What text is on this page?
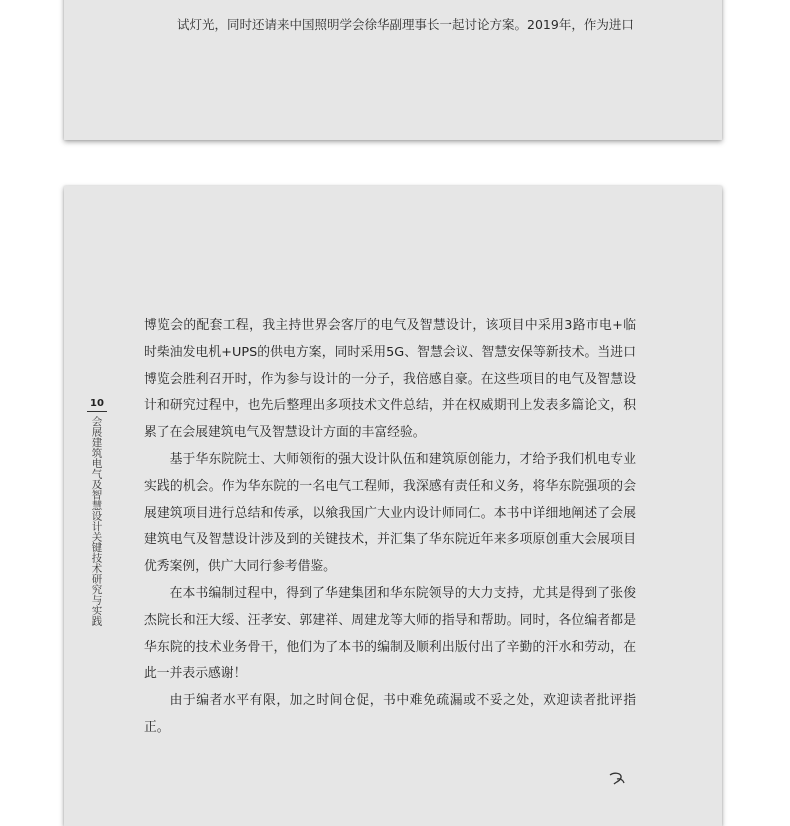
试灯光，同时还请来中国照明学会徐华副理事长一起讨论方案。2019年，作为进口
10
会展建筑电气及智慧设计关键技术研究与实践

博览会的配套工程，我主持世界会客厅的电气及智慧设计，该项目中采用3路市电+临时柴油发电机+UPS的供电方案，同时采用5G、智慧会议、智慧安保等新技术。当进口博览会胜利召开时，作为参与设计的一分子，我倍感自豪。在这些项目的电气及智慧设计和研究过程中，也先后整理出多项技术文件总结，并在权威期刊上发表多篇论文，积累了在会展建筑电气及智慧设计方面的丰富经验。

基于华东院院士、大师领衔的强大设计队伍和建筑原创能力，才给予我们机电专业实践的机会。作为华东院的一名电气工程师，我深感有责任和义务，将华东院强项的会展建筑项目进行总结和传承，以飨我国广大业内设计师同仁。本书中详细地阐述了会展建筑电气及智慧设计涉及到的关键技术，并汇集了华东院近年来多项原创重大会展项目优秀案例，供广大同行参考借鉴。

在本书编制过程中，得到了华建集团和华东院领导的大力支持，尤其是得到了张俊杰院长和汪大绥、汪孝安、郭建祥、周建龙等大师的指导和帮助。同时，各位编者都是华东院的技术业务骨干，他们为了本书的编制及顺利出版付出了辛勤的汗水和劳动，在此一并表示感谢！

由于编者水平有限，加之时间仓促，书中难免疏漏或不妥之处，欢迎读者批评指正。
